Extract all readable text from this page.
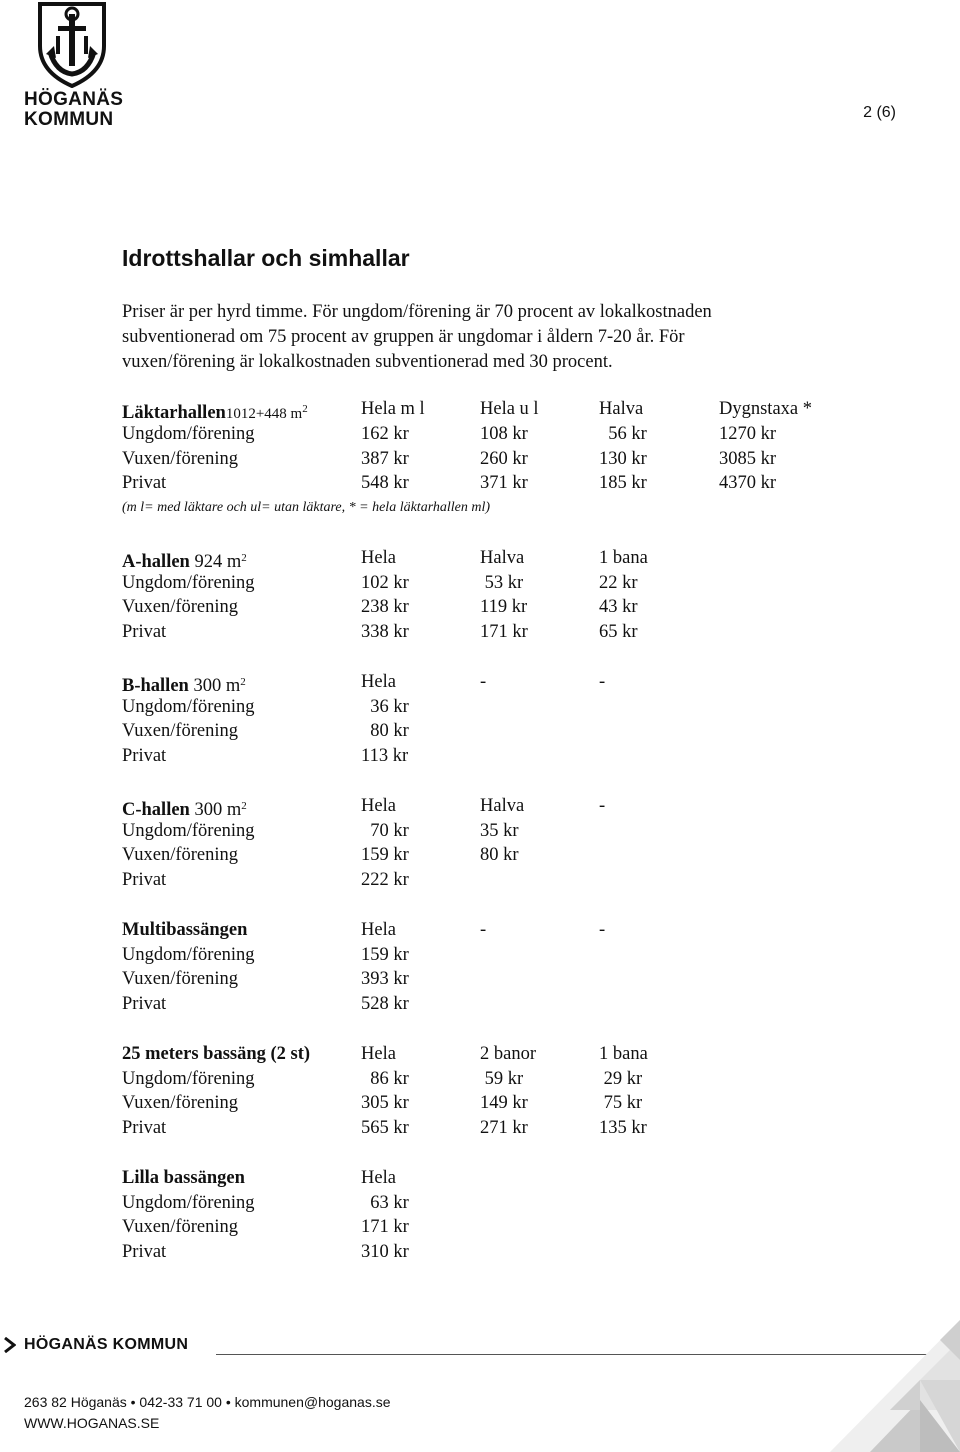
HÖGANÄS
KOMMUN	2 (6)
Idrottshallar och simhallar

Priser är per hyrd timme. För ungdom/förening är 70 procent av lokalkostnaden
subventionerad om 75 procent av gruppen är ungdomar i åldern 7-20 år. För
vuxen/förening är lokalkostnaden subventionerad med 30 procent.

Läktarhallen1012+448 $m^2$	Hela m l	Hela u l	Halva	Dygnstaxa *
Ungdom/förening	162 kr	108 kr	56 kr	1270 kr
Vuxen/förening	387 kr	260 kr	130 kr	3085 kr
Privat	548 kr	371 kr	185 kr	4370 kr
(m l= med läktare och ul= utan läktare, * = hela läktarhallen ml)
A-hallen 924 $m^2$	Hela	Halva	1 bana
Ungdom/förening	102 kr	53 kr	22 kr
Vuxen/förening	238 kr	119 kr	43 kr
Privat	338 kr	171 kr	65 kr
B-hallen 300 $m^2$	Hela	-	-
Ungdom/förening	36 kr
Vuxen/förening	80 kr
Privat	113 kr
C-hallen 300 $m^2$	Hela	Halva	-
Ungdom/förening	70 kr	35 kr
Vuxen/förening	159 kr	80 kr
Privat	222 kr
Multibassängen	Hela	-	-
Ungdom/förening	159 kr
Vuxen/förening	393 kr
Privat	528 kr
25 meters bassäng (2 st)	Hela	2 banor	1 bana
Ungdom/förening	86 kr	59 kr	29 kr
Vuxen/förening	305 kr	149 kr	75 kr
Privat	565 kr	271 kr	135 kr
Lilla bassängen	Hela
Ungdom/förening	63 kr
Vuxen/förening	171 kr
Privat	310 kr
HÖGANÄS KOMMUN
263 82 Höganäs • 042-33 71 00 • kommunen@hoganas.se
WWW.HOGANAS.SE
